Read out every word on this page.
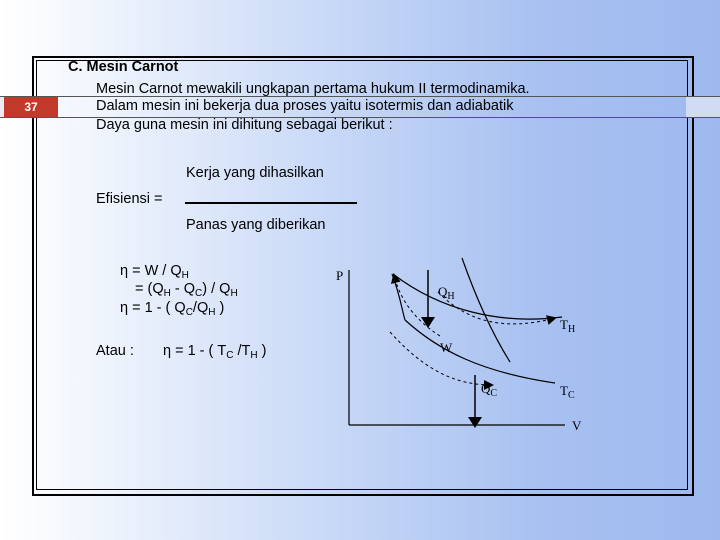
37
C. Mesin Carnot
Mesin Carnot mewakili ungkapan pertama hukum II termodinamika.
Dalam mesin ini bekerja dua proses yaitu isotermis dan adiabatik
Daya guna mesin ini dihitung sebagai berikut :
Kerja yang dihasilkan
Efisiensi =
Panas yang diberikan
$\eta = W / Q_H$
= $(Q_H - Q_C) / Q_H$
η = 1 - ( $Q_C/Q_H$ )
Atau : η = 1 - ( $T_C$ $/T_H$ )
P
V
$Q_H$
$T_H$
W
$Q_C$	$T_C$
